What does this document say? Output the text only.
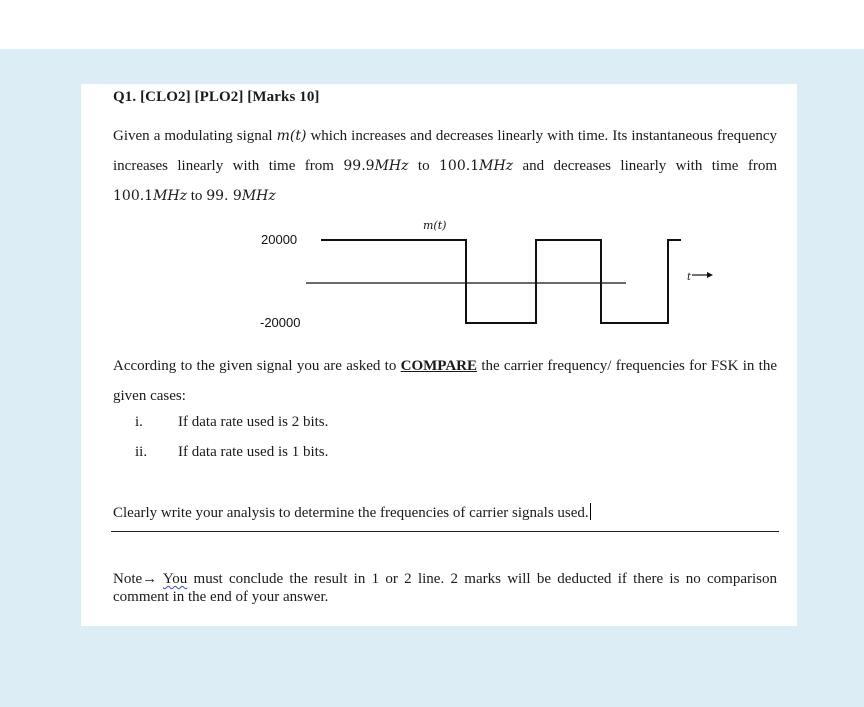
Q1. [CLO2] [PLO2] [Marks 10]
Given a modulating signal m(t) which increases and decreases linearly with time. Its instantaneous frequency increases linearly with time from 99.9MHz to 100.1MHz and decreases linearly with time from 100.1MHz to 99. 9MHz
m(t)
20000
-20000
t
According to the given signal you are asked to COMPARE the carrier frequency/ frequencies for FSK in the given cases:
i. If data rate used is 2 bits.
ii. If data rate used is 1 bits.
Clearly write your analysis to determine the frequencies of carrier signals used.
Note→ You must conclude the result in 1 or 2 line. 2 marks will be deducted if there is no comparison comment in the end of your answer.
